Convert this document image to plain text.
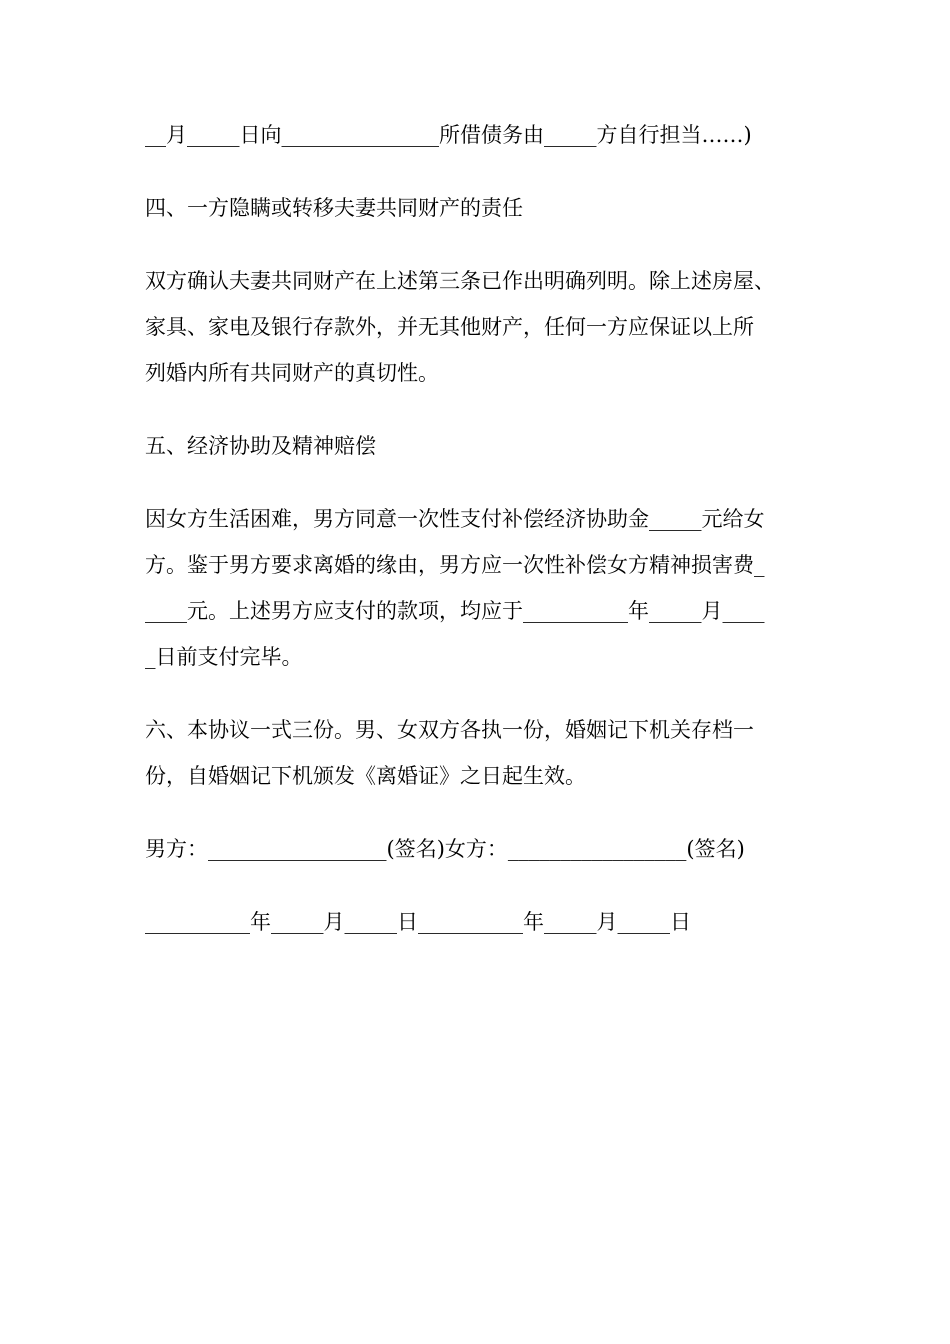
__月_____日向_______________所借债务由_____方自行担当……)
四、一方隐瞒或转移夫妻共同财产的责任
双方确认夫妻共同财产在上述第三条已作出明确列明。除上述房屋、
家具、家电及银行存款外，并无其他财产，任何一方应保证以上所
列婚内所有共同财产的真切性。
五、经济协助及精神赔偿
因女方生活困难，男方同意一次性支付补偿经济协助金_____元给女
方。鉴于男方要求离婚的缘由，男方应一次性补偿女方精神损害费_
____元。上述男方应支付的款项，均应于__________年_____月____
_日前支付完毕。
六、本协议一式三份。男、女双方各执一份，婚姻记下机关存档一
份，自婚姻记下机颁发《离婚证》之日起生效。
男方：_________________(签名)女方：_________________(签名)
__________年_____月_____日__________年_____月_____日
